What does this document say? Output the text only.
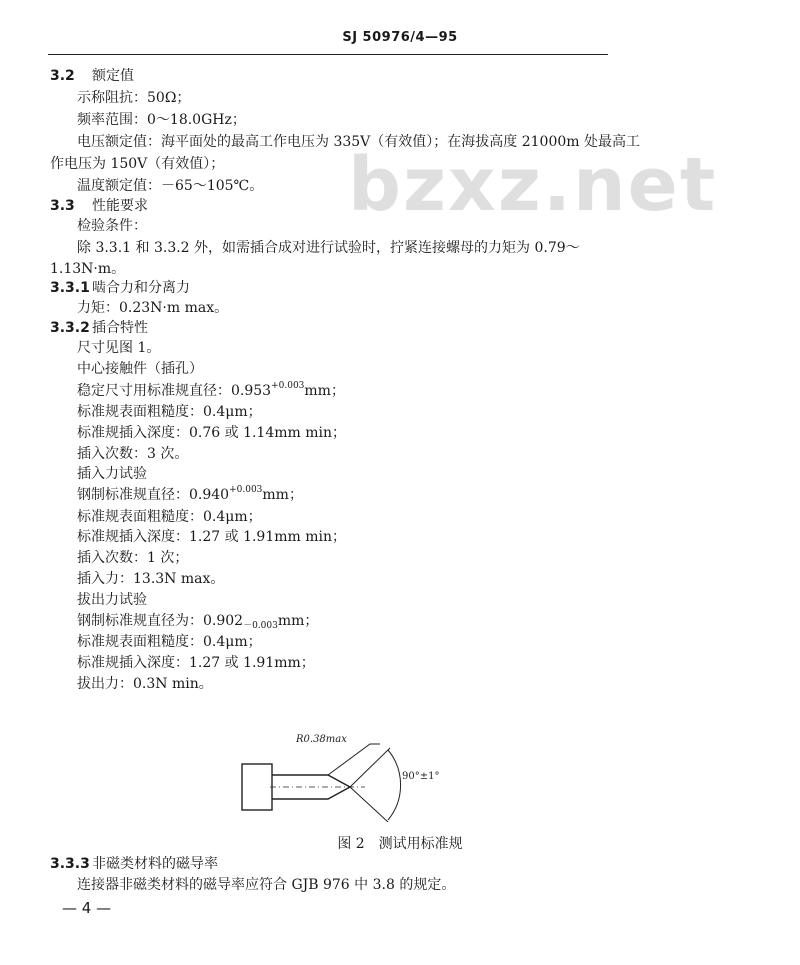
SJ 50976/4—95
bzxz.net
3.2 额定值
示称阻抗：50Ω；
频率范围：0～18.0GHz；
电压额定值：海平面处的最高工作电压为 335V（有效值）；在海拔高度 21000m 处最高工
作电压为 150V（有效值）；
温度额定值：－65～105℃。
3.3 性能要求
检验条件：
除 3.3.1 和 3.3.2 外，如需插合成对进行试验时，拧紧连接螺母的力矩为 0.79～
1.13N·m。
3.3.1 啮合力和分离力
力矩：0.23N·m max。
3.3.2 插合特性
尺寸见图 1。
中心接触件（插孔）
稳定尺寸用标准规直径：$0.953^{+0.003}mm$；
标准规表面粗糙度：0.4μm；
标准规插入深度：0.76 或 1.14mm min；
插入次数：3 次。
插入力试验
钢制标准规直径：$0.940^{+0.003}mm$；
标准规表面粗糙度：0.4μm；
标准规插入深度：1.27 或 1.91mm min；
插入次数：1 次；
插入力：13.3N max。
拔出力试验
钢制标准规直径为：$0.902_{-0.003}mm$；
标准规表面粗糙度：0.4μm；
标准规插入深度：1.27 或 1.91mm；
拔出力：0.3N min。
R0.38max
90°±1°
图 2　测试用标准规
3.3.3 非磁类材料的磁导率
连接器非磁类材料的磁导率应符合 GJB 976 中 3.8 的规定。
— 4 —
